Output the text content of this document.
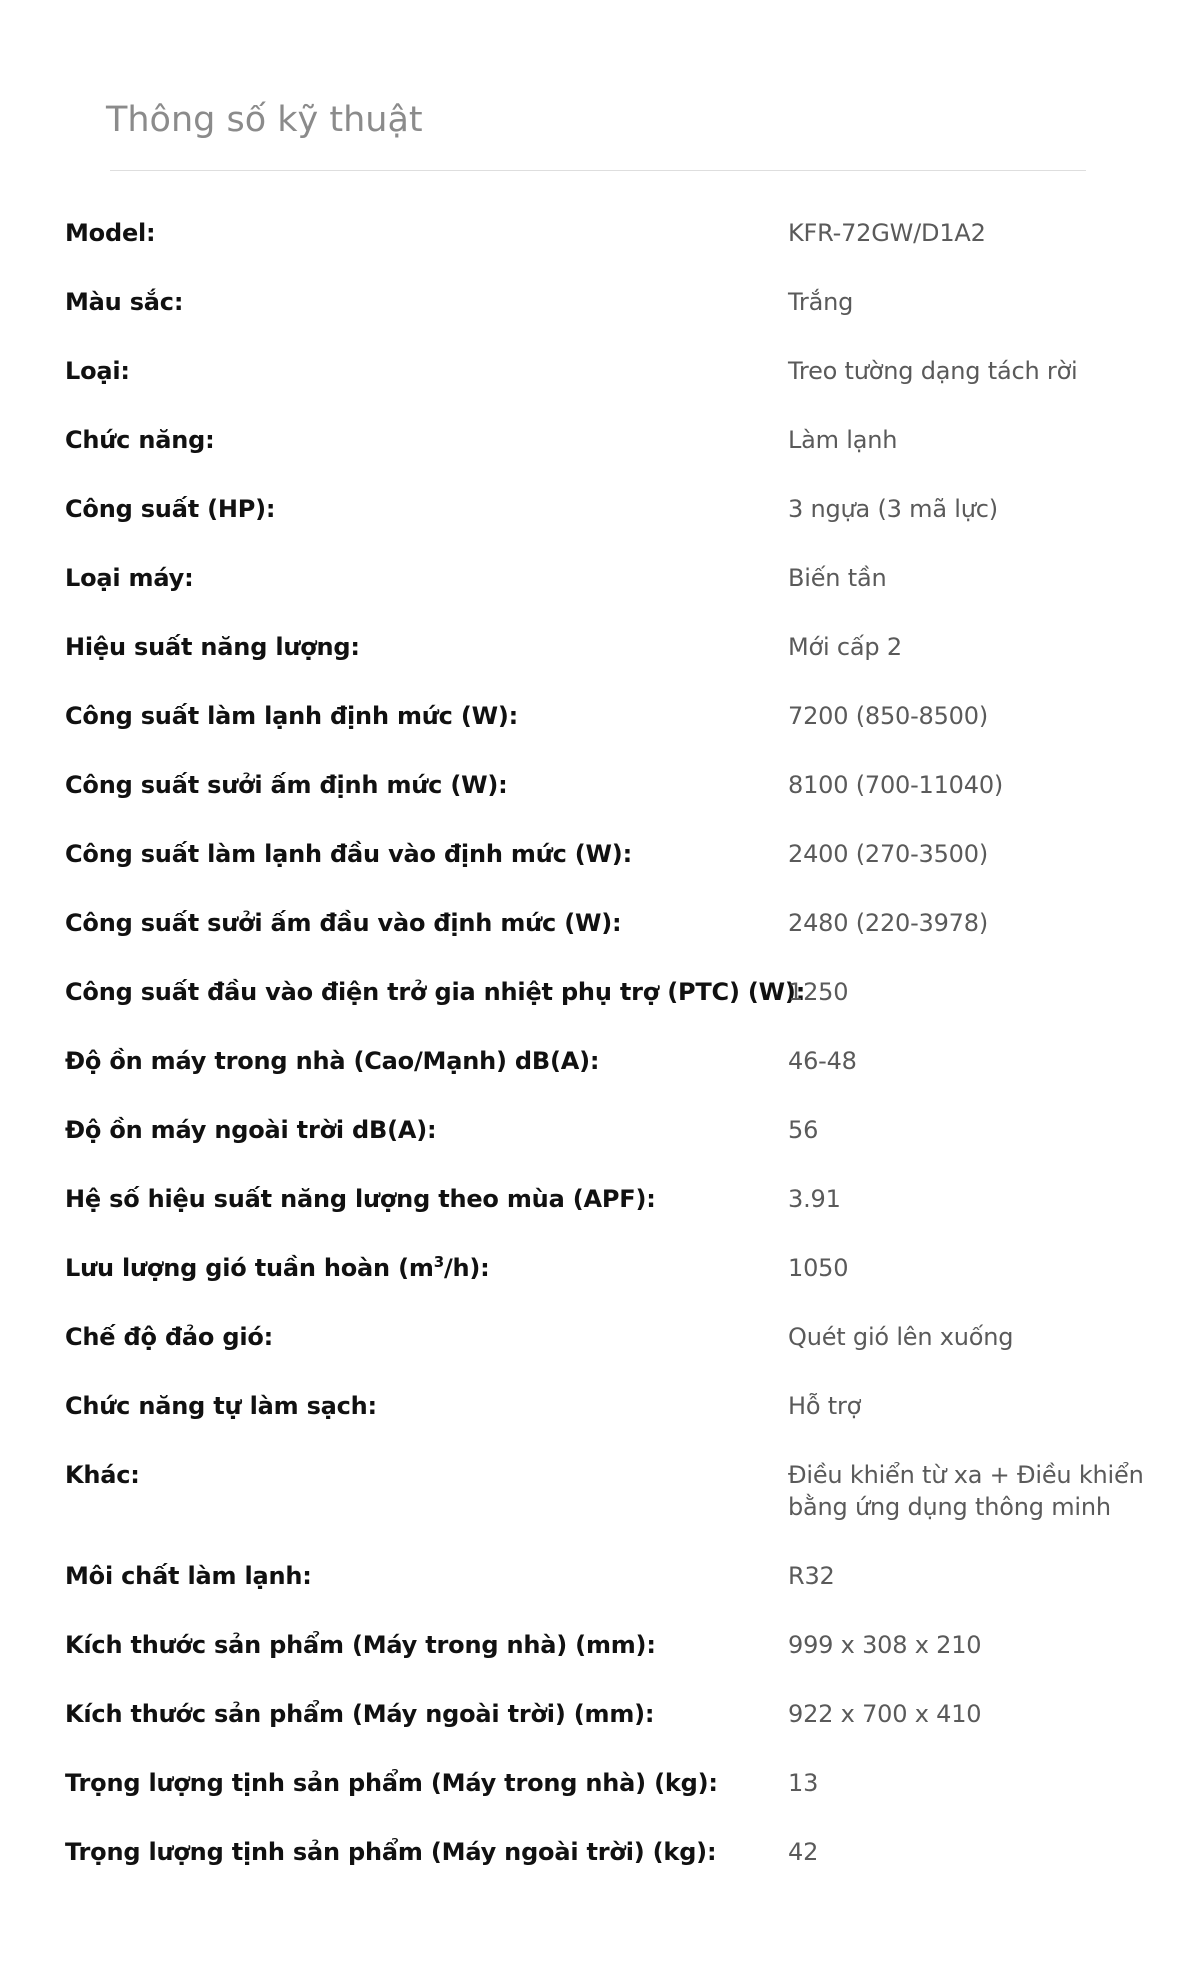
Thông số kỹ thuật
Model:	KFR-72GW/D1A2
Màu sắc:	Trắng
Loại:	Treo tường dạng tách rời
Chức năng:	Làm lạnh
Công suất (HP):	3 ngựa (3 mã lực)
Loại máy:	Biến tần
Hiệu suất năng lượng:	Mới cấp 2
Công suất làm lạnh định mức (W):	7200 (850-8500)
Công suất sưởi ấm định mức (W):	8100 (700-11040)
Công suất làm lạnh đầu vào định mức (W):	2400 (270-3500)
Công suất sưởi ấm đầu vào định mức (W):	2480 (220-3978)
Công suất đầu vào điện trở gia nhiệt phụ trợ (PTC) (W):
1250
Độ ồn máy trong nhà (Cao/Mạnh) dB(A):	46-48
Độ ồn máy ngoài trời dB(A):	56
Hệ số hiệu suất năng lượng theo mùa (APF):	3.91
Lưu lượng gió tuần hoàn $(m^3/h)$:	1050
Chế độ đảo gió:	Quét gió lên xuống
Chức năng tự làm sạch:	Hỗ trợ
Khác:	Điều khiển từ xa + Điều khiển bằng ứng dụng thông minh
Môi chất làm lạnh:	R32
Kích thước sản phẩm (Máy trong nhà) (mm):	999 x 308 x 210
Kích thước sản phẩm (Máy ngoài trời) (mm):	922 x 700 x 410
Trọng lượng tịnh sản phẩm (Máy trong nhà) (kg):	13
Trọng lượng tịnh sản phẩm (Máy ngoài trời) (kg):	42
